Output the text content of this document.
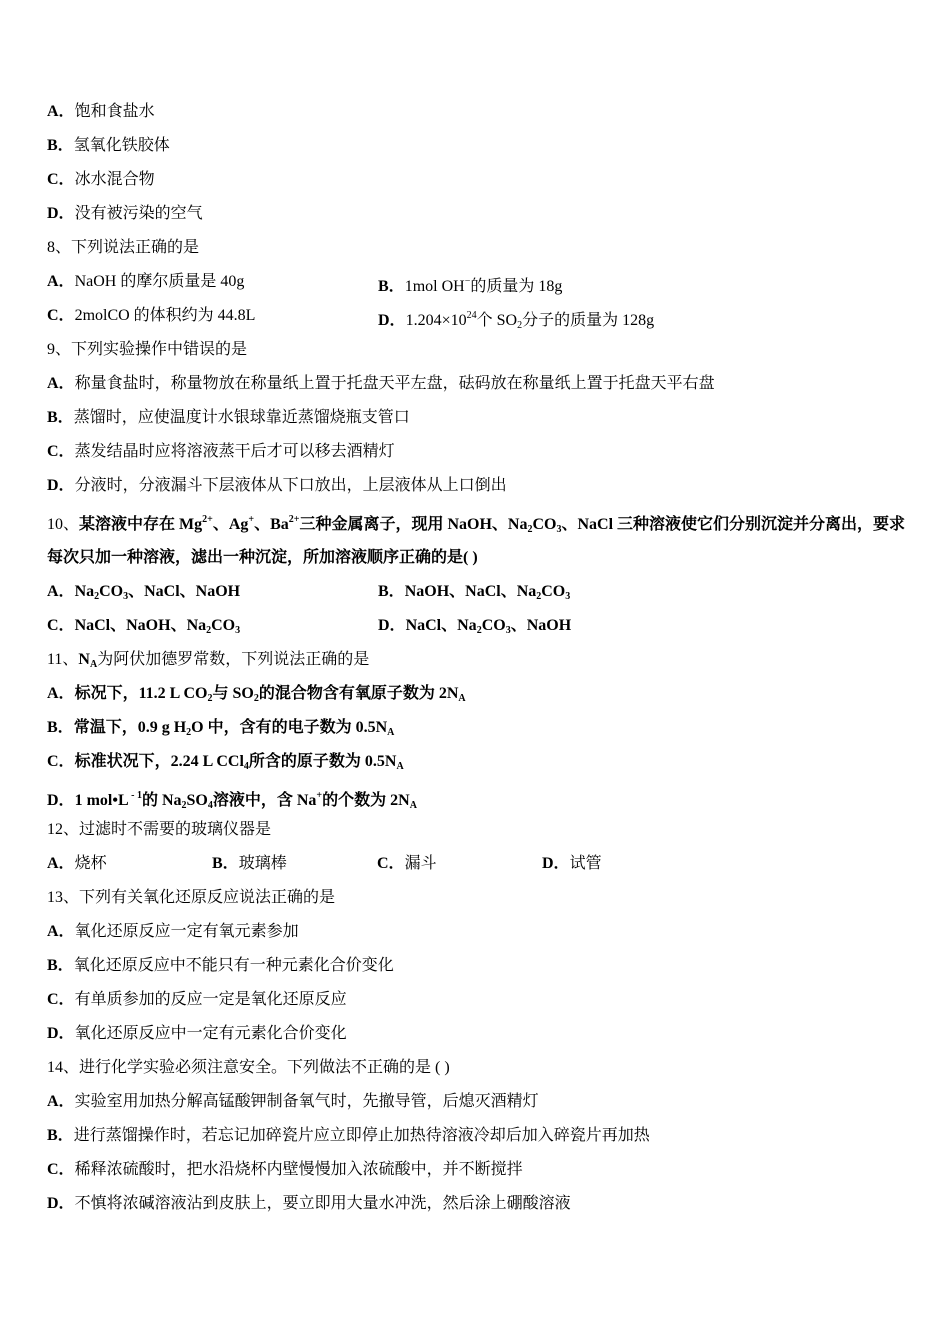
A．饱和食盐水
B．氢氧化铁胶体
C．冰水混合物
D．没有被污染的空气
8、下列说法正确的是
A．NaOH 的摩尔质量是 40g	B．1mol OH−的质量为 18g
C．2molCO 的体积约为 44.8L	D．$1.204\times 10^{24}$个 $SO_2$分子的质量为 128g
9、下列实验操作中错误的是
A．称量食盐时，称量物放在称量纸上置于托盘天平左盘，砝码放在称量纸上置于托盘天平右盘
B．蒸馏时，应使温度计水银球靠近蒸馏烧瓶支管口
C．蒸发结晶时应将溶液蒸干后才可以移去酒精灯
D．分液时，分液漏斗下层液体从下口放出，上层液体从上口倒出
10、某溶液中存在 $Mg^{2+}$、Ag+、$Ba^{2+}$三种金属离子，现用 NaOH、$Na_2CO_3$、NaCl 三种溶液使它们分别沉淀并分离出，要求
每次只加一种溶液，滤出一种沉淀，所加溶液顺序正确的是( )
A．$Na_2CO_3$、NaCl、NaOH	B．NaOH、NaCl、$Na_2CO_3$
C．NaCl、NaOH、$Na_2CO_3$	D．NaCl、$Na_2CO_3$、NaOH
11、$N_A$为阿伏加德罗常数，下列说法正确的是
A．标况下，11.2 L $CO_2$与 $SO_2$的混合物含有氧原子数为 $2N_A$
B．常温下，0.9 g $H_2O$ 中，含有的电子数为 $0.5N_A$
C．标准状况下，2.24 L CCl$_4$所含的原子数为 $0.5N_A$
D．1 mol•L $^{- 1}$的 $Na_2SO_4$溶液中，含 Na+的个数为 $2N_A$
12、过滤时不需要的玻璃仪器是
A．烧杯	B．玻璃棒	C．漏斗	D．试管
13、下列有关氧化还原反应说法正确的是
A．氧化还原反应一定有氧元素参加
B．氧化还原反应中不能只有一种元素化合价变化
C．有单质参加的反应一定是氧化还原反应
D．氧化还原反应中一定有元素化合价变化
14、进行化学实验必须注意安全。下列做法不正确的是 ( )
A．实验室用加热分解高锰酸钾制备氧气时，先撤导管，后熄灭酒精灯
B．进行蒸馏操作时，若忘记加碎瓷片应立即停止加热待溶液冷却后加入碎瓷片再加热
C．稀释浓硫酸时，把水沿烧杯内壁慢慢加入浓硫酸中，并不断搅拌
D．不慎将浓碱溶液沾到皮肤上，要立即用大量水冲洗，然后涂上硼酸溶液
